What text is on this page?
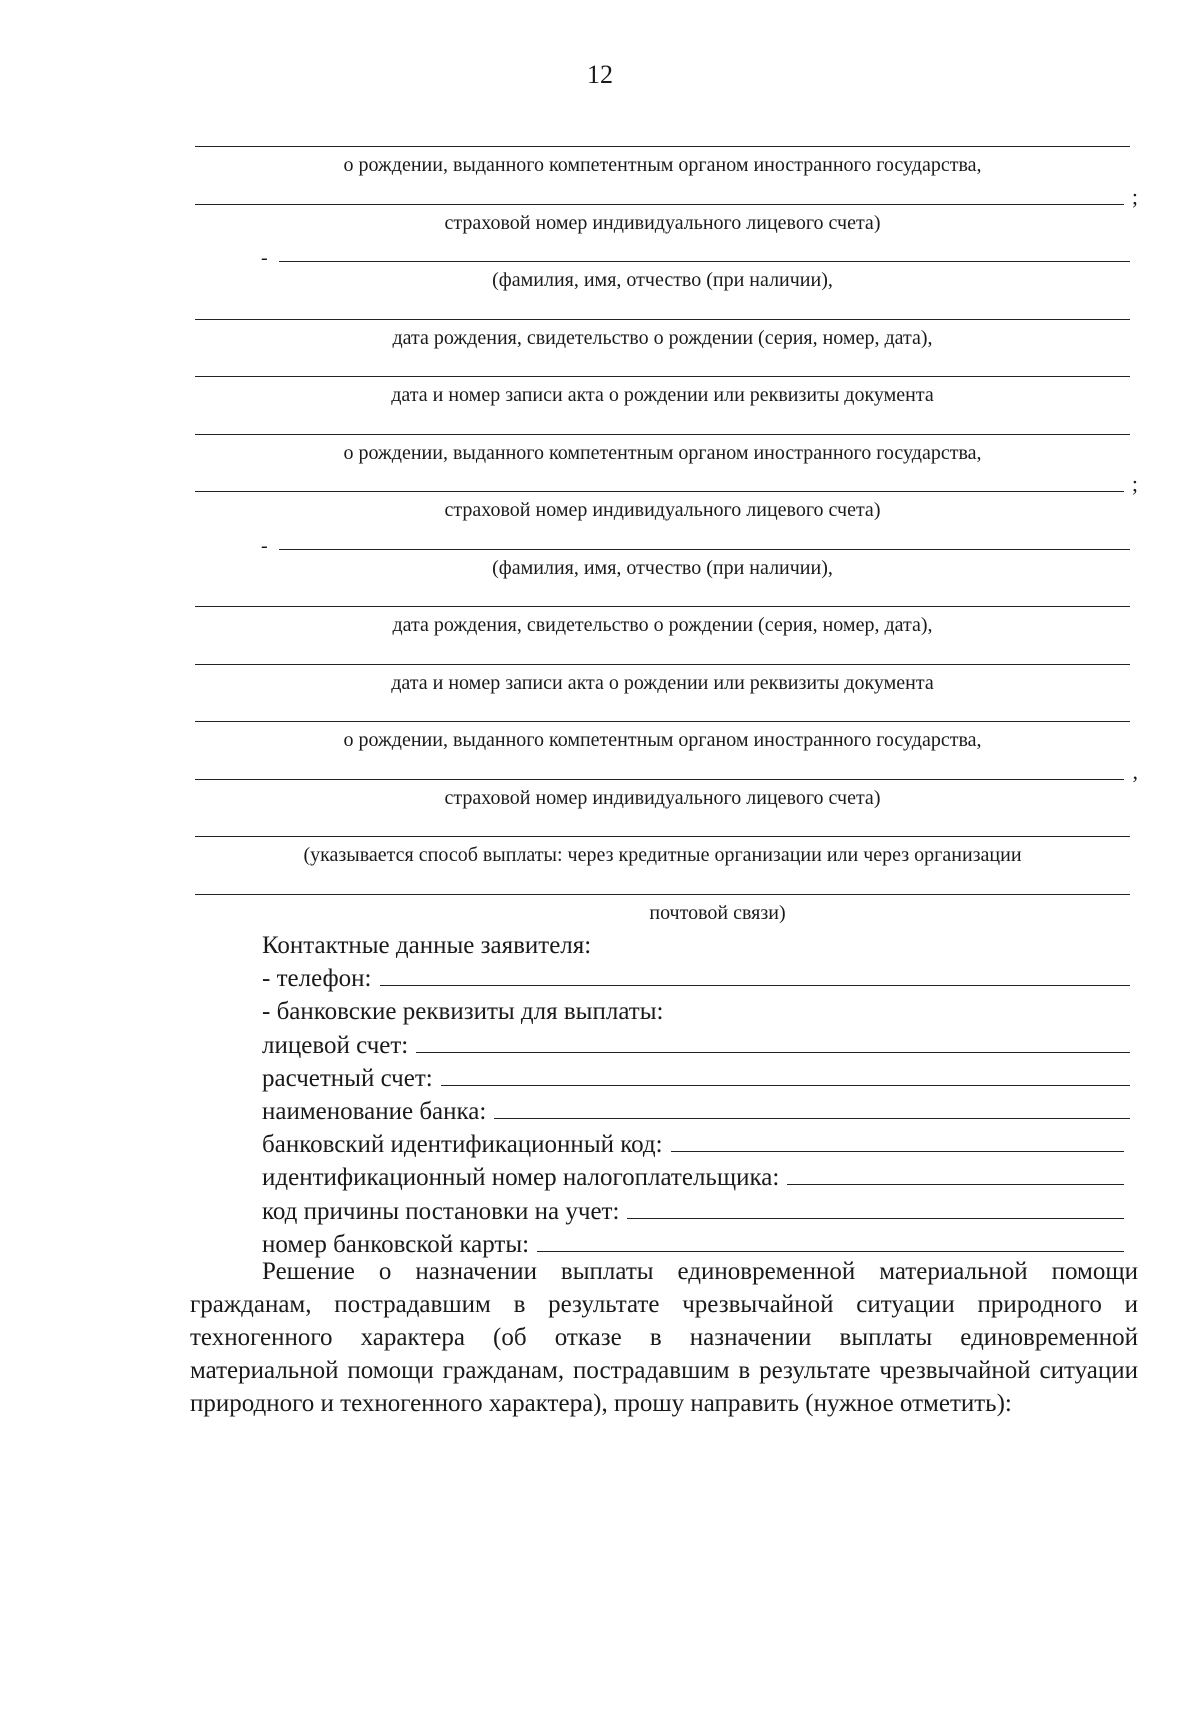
12
о рождении, выданного компетентным органом иностранного государства,
;
страховой номер индивидуального лицевого счета)
-
(фамилия, имя, отчество (при наличии),
дата рождения, свидетельство о рождении (серия, номер, дата),
дата и номер записи акта о рождении или реквизиты документа
о рождении, выданного компетентным органом иностранного государства,
;
страховой номер индивидуального лицевого счета)
-
(фамилия, имя, отчество (при наличии),
дата рождения, свидетельство о рождении (серия, номер, дата),
дата и номер записи акта о рождении или реквизиты документа
о рождении, выданного компетентным органом иностранного государства,
,
страховой номер индивидуального лицевого счета)
(указывается способ выплаты: через кредитные организации или через организации
почтовой связи)
Контактные данные заявителя:
- телефон:
- банковские реквизиты для выплаты:
лицевой счет:
расчетный счет:
наименование банка:
банковский идентификационный код:
идентификационный номер налогоплательщика:
код причины постановки на учет:
номер банковской карты:

Решение о назначении выплаты единовременной материальной помощи гражданам, пострадавшим в результате чрезвычайной ситуации природного и техногенного характера (об отказе в назначении выплаты единовременной материальной помощи гражданам, пострадавшим в результате чрезвычайной ситуации природного и техногенного характера), прошу направить (нужное отметить):
